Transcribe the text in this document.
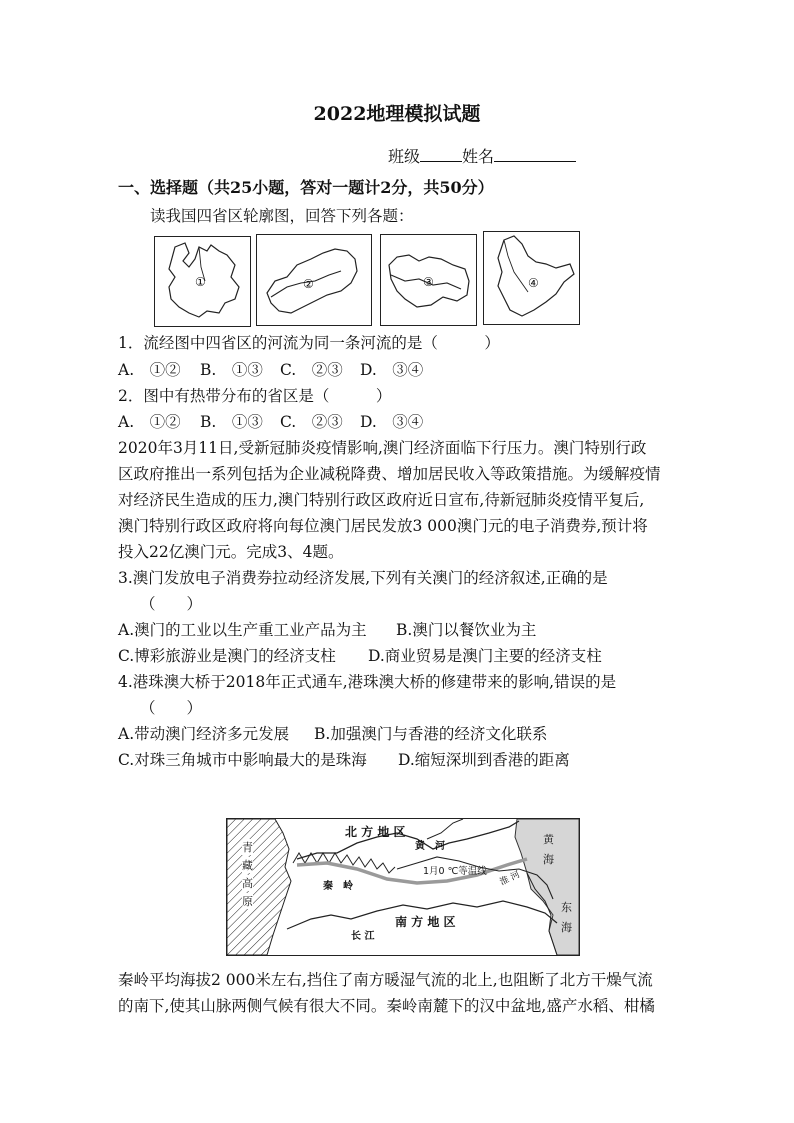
2022地理模拟试题
班级	姓名
一、选择题（共25小题，答对一题计2分，共50分）
读我国四省区轮廓图，回答下列各题：
①	②	③	④
1．流经图中四省区的河流为同一条河流的是（　　　）
A.　①② B.　①③ C.　②③ D.　③④
2．图中有热带分布的省区是（　　　）
A.　①② B.　①③ C.　②③ D.　③④
2020年3月11日,受新冠肺炎疫情影响,澳门经济面临下行压力。澳门特别行政
区政府推出一系列包括为企业减税降费、增加居民收入等政策措施。为缓解疫情
对经济民生造成的压力,澳门特别行政区政府近日宣布,待新冠肺炎疫情平复后,
澳门特别行政区政府将向每位澳门居民发放3 000澳门元的电子消费券,预计将
投入22亿澳门元。完成3、4题。
3.澳门发放电子消费券拉动经济发展,下列有关澳门的经济叙述,正确的是
（　　）
A.澳门的工业以生产重工业产品为主 B.澳门以餐饮业为主
C.博彩旅游业是澳门的经济支柱 D.商业贸易是澳门主要的经济支柱
4.港珠澳大桥于2018年正式通车,港珠澳大桥的修建带来的影响,错误的是
（　　）
A.带动澳门经济多元发展 B.加强澳门与香港的经济文化联系
C.对珠三角城市中影响最大的是珠海 D.缩短深圳到香港的距离
北 方 地 区
黄　河
青
藏
高
原
1月0 ℃等温线
秦　岭	淮 河
黄
海
东
海
南 方 地 区
长 江
秦岭平均海拔2 000米左右,挡住了南方暖湿气流的北上,也阻断了北方干燥气流
的南下,使其山脉两侧气候有很大不同。秦岭南麓下的汉中盆地,盛产水稻、柑橘
